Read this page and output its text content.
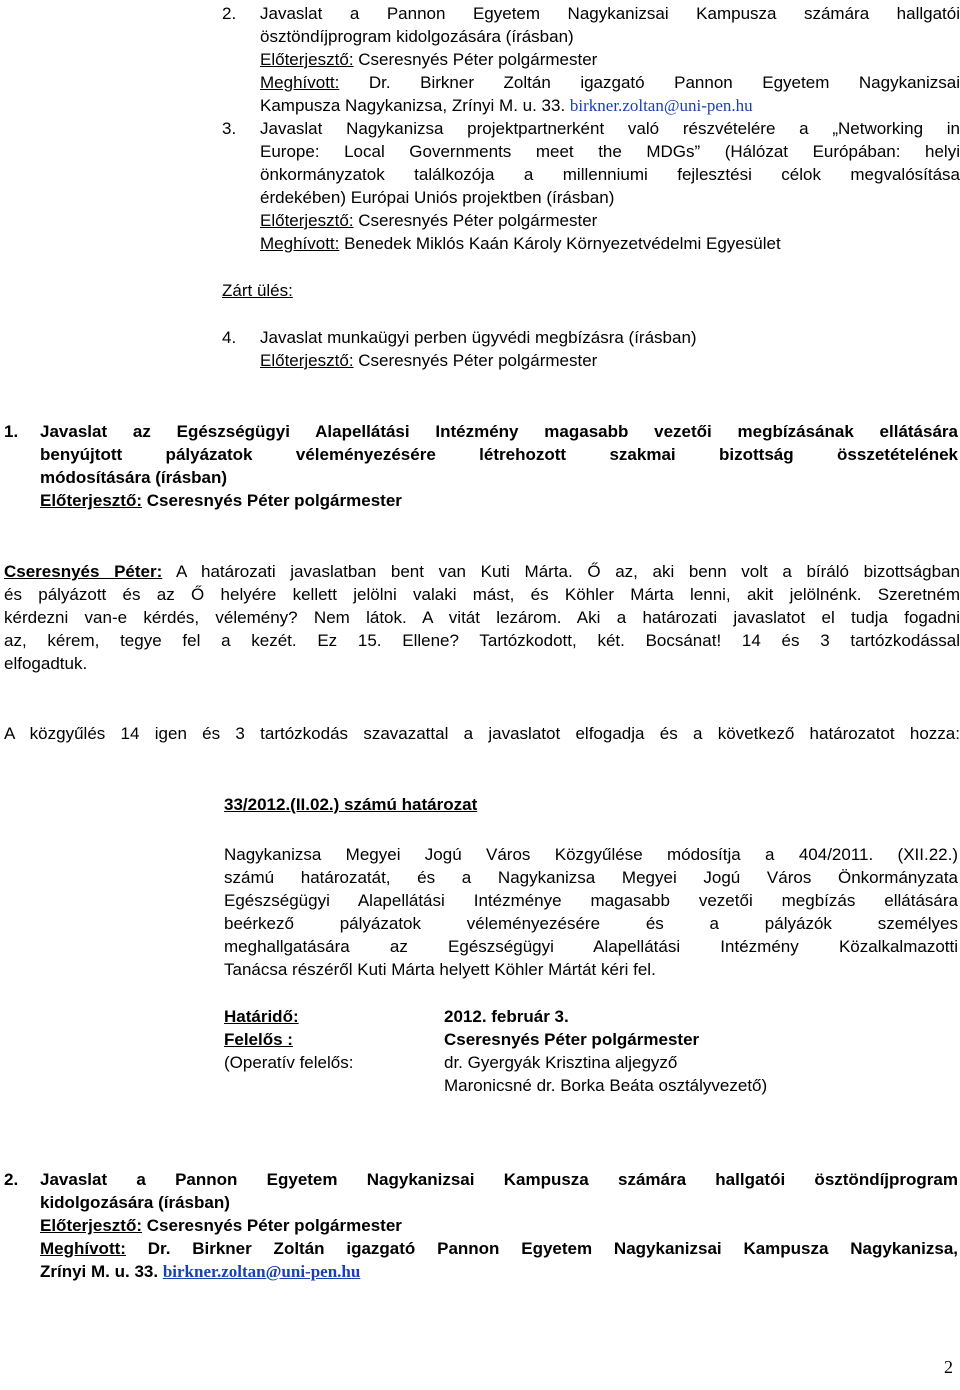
2. Javaslat a Pannon Egyetem Nagykanizsai Kampusza számára hallgatói
ösztöndíjprogram kidolgozására (írásban)
Előterjesztő: Cseresnyés Péter polgármester
Meghívott: Dr. Birkner Zoltán igazgató Pannon Egyetem Nagykanizsai
Kampusza Nagykanizsa, Zrínyi M. u. 33. birkner.zoltan@uni-pen.hu
3. Javaslat Nagykanizsa projektpartnerként való részvételére a „Networking in
Europe: Local Governments meet the MDGs” (Hálózat Európában: helyi
önkormányzatok találkozója a millenniumi fejlesztési célok megvalósítása
érdekében) Európai Uniós projektben (írásban)
Előterjesztő: Cseresnyés Péter polgármester
Meghívott: Benedek Miklós Kaán Károly Környezetvédelmi Egyesület
Zárt ülés:
4. Javaslat munkaügyi perben ügyvédi megbízásra (írásban)
Előterjesztő: Cseresnyés Péter polgármester
1. Javaslat az Egészségügyi Alapellátási Intézmény magasabb vezetői megbízásának ellátására
benyújtott pályázatok véleményezésére létrehozott szakmai bizottság összetételének
módosítására (írásban)
Előterjesztő: Cseresnyés Péter polgármester
Cseresnyés Péter: A határozati javaslatban bent van Kuti Márta. Ő az, aki benn volt a bíráló bizottságban
és pályázott és az Ő helyére kellett jelölni valaki mást, és Köhler Márta lenni, akit jelölnénk. Szeretném
kérdezni van-e kérdés, vélemény? Nem látok. A vitát lezárom. Aki a határozati javaslatot el tudja fogadni
az, kérem, tegye fel a kezét. Ez 15. Ellene? Tartózkodott, két. Bocsánat! 14 és 3 tartózkodással
elfogadtuk.
A közgyűlés 14 igen és 3 tartózkodás szavazattal a javaslatot elfogadja és a következő határozatot hozza:
33/2012.(II.02.) számú határozat
Nagykanizsa Megyei Jogú Város Közgyűlése módosítja a 404/2011. (XII.22.)
számú határozatát, és a Nagykanizsa Megyei Jogú Város Önkormányzata
Egészségügyi Alapellátási Intézménye magasabb vezetői megbízás ellátására
beérkező pályázatok véleményezésére és a pályázók személyes
meghallgatására az Egészségügyi Alapellátási Intézmény Közalkalmazotti
Tanácsa részéről Kuti Márta helyett Köhler Mártát kéri fel.
Határidő:	2012. február 3.
Felelős :	Cseresnyés Péter polgármester
(Operatív felelős:	dr. Gyergyák Krisztina aljegyző
Maronicsné dr. Borka Beáta osztályvezető)
2. Javaslat a Pannon Egyetem Nagykanizsai Kampusza számára hallgatói ösztöndíjprogram
kidolgozására (írásban)
Előterjesztő: Cseresnyés Péter polgármester
Meghívott: Dr. Birkner Zoltán igazgató Pannon Egyetem Nagykanizsai Kampusza Nagykanizsa,
Zrínyi M. u. 33. birkner.zoltan@uni-pen.hu
2
